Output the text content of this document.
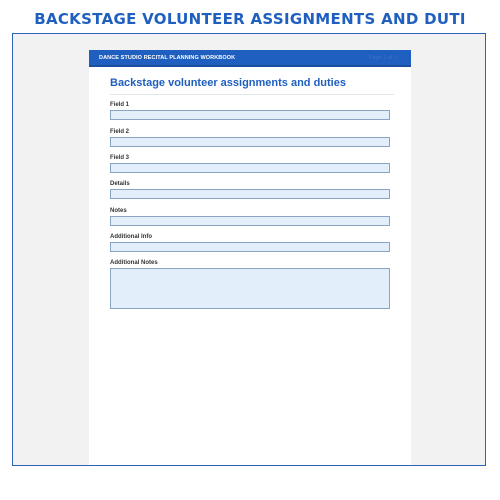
BACKSTAGE VOLUNTEER ASSIGNMENTS AND DUTI
DANCE STUDIO RECITAL PLANNING WORKBOOK	Page 1 of 1
Backstage volunteer assignments and duties
Field 1
Field 2
Field 3
Details
Notes
Additional Info
Additional Notes
